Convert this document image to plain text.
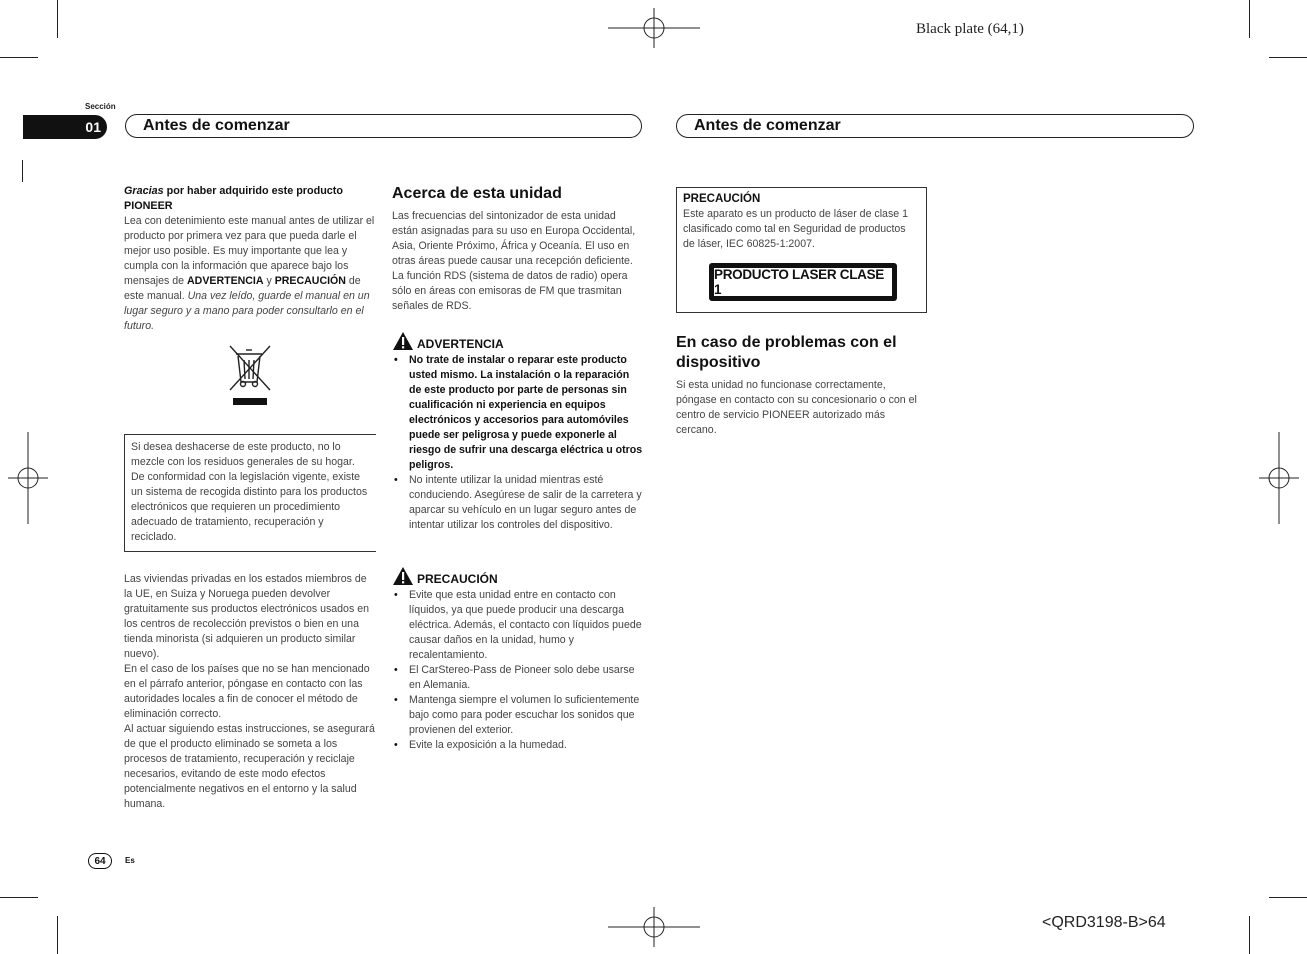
Black plate (64,1)
<QRD3198-B>64
Sección
01	Antes de comenzar	Antes de comenzar
Gracias por haber adquirido este producto
PIONEER
Lea con detenimiento este manual antes de utilizar el producto por primera vez para que pueda darle el mejor uso posible. Es muy importante que lea y cumpla con la información que aparece bajo los mensajes de ADVERTENCIA y PRECAUCIÓN de este manual. Una vez leído, guarde el manual en un lugar seguro y a mano para poder consultarlo en el futuro.
Si desea deshacerse de este producto, no lo mezcle con los residuos generales de su hogar. De conformidad con la legislación vigente, existe un sistema de recogida distinto para los productos electrónicos que requieren un procedimiento adecuado de tratamiento, recuperación y reciclado.
Las viviendas privadas en los estados miembros de la UE, en Suiza y Noruega pueden devolver gratuitamente sus productos electrónicos usados en los centros de recolección previstos o bien en una tienda minorista (si adquieren un producto similar nuevo).
En el caso de los países que no se han mencionado en el párrafo anterior, póngase en contacto con las autoridades locales a fin de conocer el método de eliminación correcto.
Al actuar siguiendo estas instrucciones, se asegurará de que el producto eliminado se someta a los procesos de tratamiento, recuperación y reciclaje necesarios, evitando de este modo efectos potencialmente negativos en el entorno y la salud humana.
Acerca de esta unidad
Las frecuencias del sintonizador de esta unidad están asignadas para su uso en Europa Occidental, Asia, Oriente Próximo, África y Oceanía. El uso en otras áreas puede causar una recepción deficiente. La función RDS (sistema de datos de radio) opera sólo en áreas con emisoras de FM que trasmitan señales de RDS.
ADVERTENCIA
• No trate de instalar o reparar este producto usted mismo. La instalación o la reparación de este producto por parte de personas sin cualificación ni experiencia en equipos electrónicos y accesorios para automóviles puede ser peligrosa y puede exponerle al riesgo de sufrir una descarga eléctrica u otros peligros.
• No intente utilizar la unidad mientras esté conduciendo. Asegúrese de salir de la carretera y aparcar su vehículo en un lugar seguro antes de intentar utilizar los controles del dispositivo.
PRECAUCIÓN
• Evite que esta unidad entre en contacto con líquidos, ya que puede producir una descarga eléctrica. Además, el contacto con líquidos puede causar daños en la unidad, humo y recalentamiento.
• El CarStereo-Pass de Pioneer solo debe usarse en Alemania.
• Mantenga siempre el volumen lo suficientemente bajo como para poder escuchar los sonidos que provienen del exterior.
• Evite la exposición a la humedad.
PRECAUCIÓN
Este aparato es un producto de láser de clase 1 clasificado como tal en Seguridad de productos de láser, IEC 60825-1:2007.
PRODUCTO LASER CLASE 1
En caso de problemas con el dispositivo
Si esta unidad no funcionase correctamente, póngase en contacto con su concesionario o con el centro de servicio PIONEER autorizado más cercano.
64 Es
